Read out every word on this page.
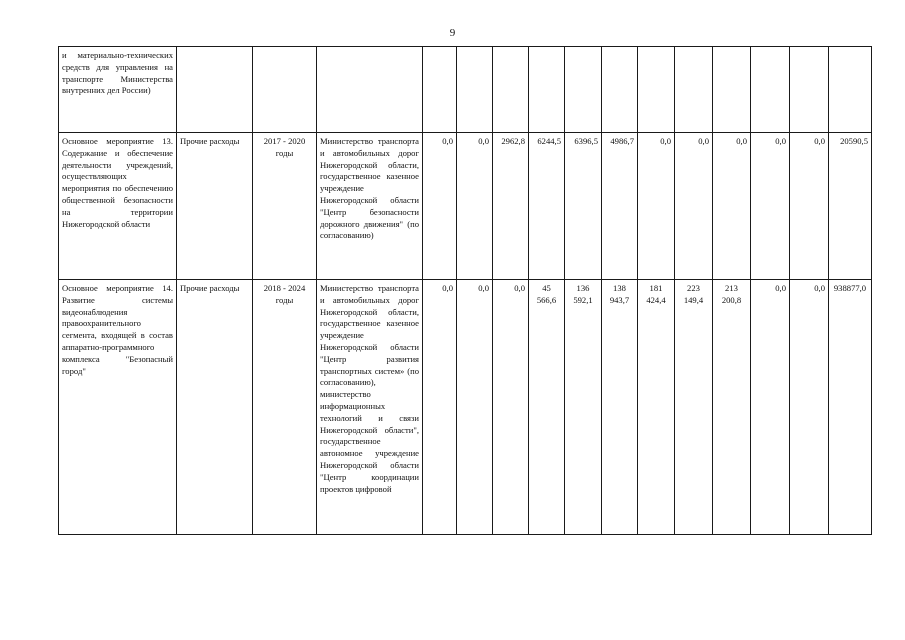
9
и материально-технических средств для управления на транспорте Министерства внутренних дел России)															
Основное мероприятие 13. Содержание и обеспечение деятельности учреждений, осуществляющих мероприятия по обеспечению общественной безопасности на территории Нижегородской области	Прочие расходы	2017 - 2020 годы	Министерство транспорта и автомобильных дорог Нижегородской области, государственное казенное учреждение Нижегородской области "Центр безопасности дорожного движения" (по согласованию)	0,0	0,0	2962,8	6244,5	6396,5	4986,7	0,0	0,0	0,0	0,0	0,0	20590,5
Основное мероприятие 14. Развитие системы видеонаблюдения правоохранительного сегмента, входящей в состав аппаратно-программного комплекса "Безопасный город"	Прочие расходы	2018 - 2024 годы	Министерство транспорта и автомобильных дорог Нижегородской области, государственное казенное учреждение Нижегородской области "Центр развития транспортных систем» (по согласованию), министерство информационных технологий и связи Нижегородской области", государственное автономное учреждение Нижегородской области "Центр координации проектов цифровой	0,0	0,0	0,0	45 566,6	136 592,1	138 943,7	181 424,4	223 149,4	213 200,8	0,0	0,0	938877,0
